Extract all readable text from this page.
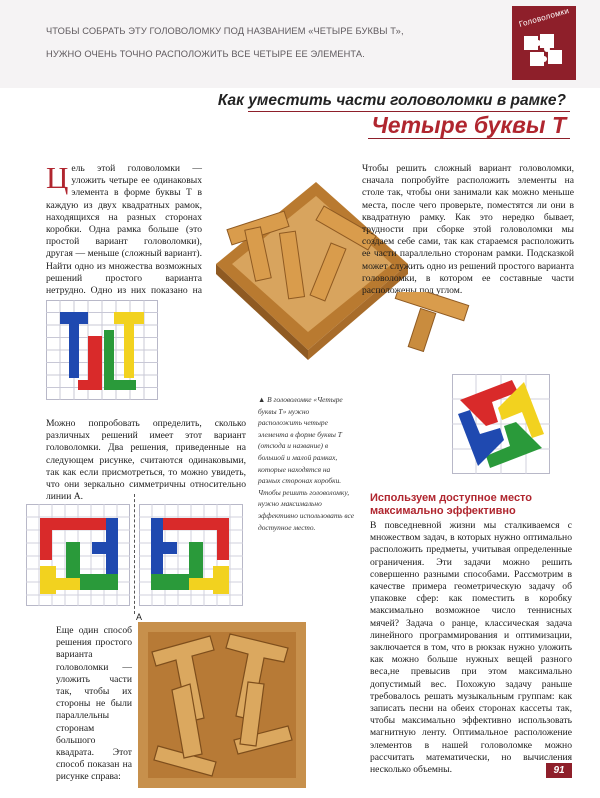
ЧТОБЫ СОБРАТЬ ЭТУ ГОЛОВОЛОМКУ ПОД НАЗВАНИЕМ «ЧЕТЫРЕ БУКВЫ Т»,
НУЖНО ОЧЕНЬ ТОЧНО РАСПОЛОЖИТЬ ВСЕ ЧЕТЫРЕ ЕЕ ЭЛЕМЕНТА.
Головоломки
Как уместить части головоломки в рамке?
Четыре буквы Т
Цель этой головоломки — уложить четыре ее одинаковых элемента в форме буквы Т в каждую из двух квадратных рамок, находящихся на разных сторонах коробки. Одна рамка больше (это простой вариант головоломки), другая — меньше (сложный вариант). Найти одно из множества возможных решений простого варианта нетрудно. Одно из них показано на
Чтобы решить сложный вариант головоломки, сначала попробуйте расположить элементы на столе так, чтобы они занимали как можно меньше места, после чего проверьте, поместятся ли они в квадратную рамку. Как это нередко бывает, трудности при сборке этой головоломки мы создаем себе сами, так как стараемся расположить ее части параллельно сторонам рамки. Подсказкой может служить одно из решений простого варианта головоломки, в котором ее составные части расположены под углом.
▲ В головоломке «Четыре буквы Т» нужно расположить четыре элемента в форме буквы Т (отсюда и название) в большой и малой рамках, которые находятся на разных сторонах коробки. Чтобы решить головоломку, нужно максимально эффективно использовать все доступное место.
Можно попробовать определить, сколько различных решений имеет этот вариант головоломки. Два решения, приведенные на следующем рисунке, считаются одинаковыми, так как если присмотреться, то можно увидеть, что они зеркально симметричны относительно линии А.
А
Еще один способ решения простого варианта головоломки — уложить части так, чтобы их стороны не были параллельны сторонам большого квадрата. Этот способ показан на рисунке справа:
Используем доступное место максимально эффективно
В повседневной жизни мы сталкиваемся с множеством задач, в которых нужно оптимально расположить предметы, учитывая определенные ограничения. Эти задачи можно решить совершенно разными способами. Рассмотрим в качестве примера геометрическую задачу об упаковке сфер: как поместить в коробку максимально возможное число теннисных мячей? Задача о ранце, классическая задача линейного программирования и оптимизации, заключается в том, что в рюкзак нужно уложить как можно больше нужных вещей разного веса,не превысив при этом максимально допустимый вес. Похожую задачу раньше требовалось решать музыкальным группам: как записать песни на обеих сторонах кассеты так, чтобы максимально эффективно использовать магнитную ленту. Оптимальное расположение элементов в нашей головоломке можно рассчитать математически, но вычисления несколько объемны.	91
